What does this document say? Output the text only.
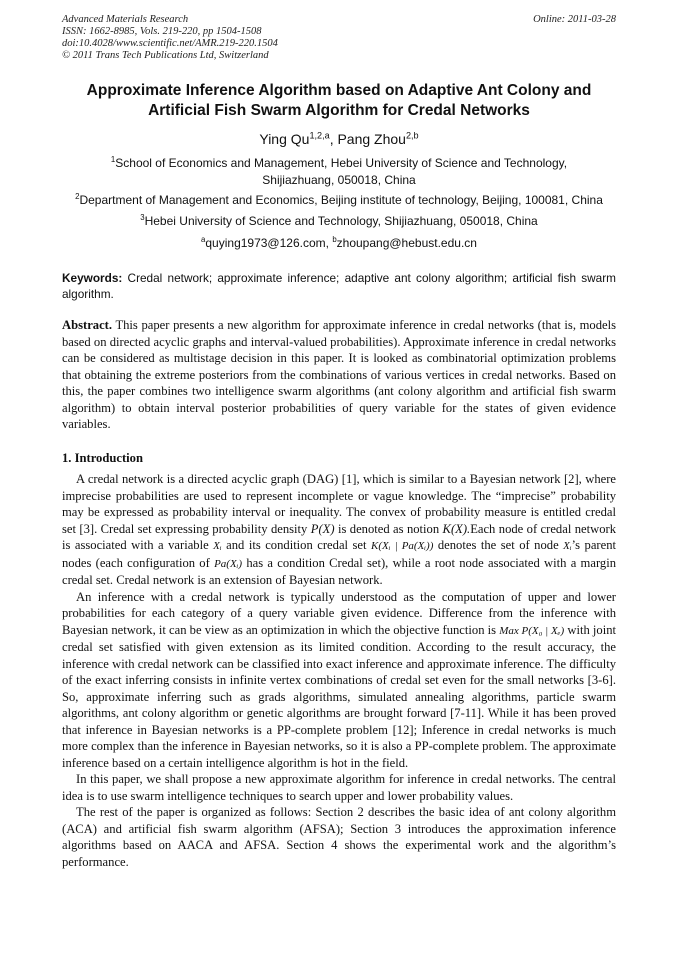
Advanced Materials Research
ISSN: 1662-8985, Vols. 219-220, pp 1504-1508
doi:10.4028/www.scientific.net/AMR.219-220.1504
© 2011 Trans Tech Publications Ltd, Switzerland
Online: 2011-03-28
Approximate Inference Algorithm based on Adaptive Ant Colony and Artificial Fish Swarm Algorithm for Credal Networks
Ying Qu$^{1,2,a}$, Pang Zhou$^{2,b}$
$^1$School of Economics and Management, Hebei University of Science and Technology,
Shijiazhuang, 050018, China
$^2$Department of Management and Economics, Beijing institute of technology, Beijing, 100081, China
$^3$Hebei University of Science and Technology, Shijiazhuang, 050018, China
$^a$quying1973@126.com, $^b$zhoupang@hebust.edu.cn
Keywords: Credal network; approximate inference; adaptive ant colony algorithm; artificial fish swarm algorithm.

Abstract. This paper presents a new algorithm for approximate inference in credal networks (that is, models based on directed acyclic graphs and interval-valued probabilities). Approximate inference in credal networks can be considered as multistage decision in this paper. It is looked as combinatorial optimization problems that obtaining the extreme posteriors from the combinations of various vertices in credal networks. Based on this, the paper combines two intelligence swarm algorithms (ant colony algorithm and artificial fish swarm algorithm) to obtain interval posterior probabilities of query variable for the states of given evidence variables.

1. Introduction

A credal network is a directed acyclic graph (DAG) [1], which is similar to a Bayesian network [2], where imprecise probabilities are used to represent incomplete or vague knowledge. The “imprecise” probability may be expressed as probability interval or inequality. The convex of probability measure is entitled credal set [3]. Credal set expressing probability density P(X) is denoted as notion K(X).Each node of credal network is associated with a variable Xᵢ and its condition credal set K(Xᵢ | Pa(Xᵢ)) denotes the set of node Xᵢ’s parent nodes (each configuration of Pa(Xᵢ) has a condition Credal set), while a root node associated with a margin credal set. Credal network is an extension of Bayesian network.

An inference with a credal network is typically understood as the computation of upper and lower probabilities for each category of a query variable given evidence. Difference from the inference with Bayesian network, it can be view as an optimization in which the objective function is Max P(X₀ | Xₑ) with joint credal set satisfied with given extension as its limited condition. According to the result accuracy, the inference with credal network can be classified into exact inference and approximate inference. The difficulty of the exact inferring consists in infinite vertex combinations of credal set even for the small networks [3-6]. So, approximate inferring such as grads algorithms, simulated annealing algorithms, particle swarm algorithms, ant colony algorithm or genetic algorithms are brought forward [7-11]. While it has been proved that inference in Bayesian networks is a PP-complete problem [12]; Inference in credal networks is much more complex than the inference in Bayesian networks, so it is also a PP-complete problem. The approximate inference based on a certain intelligence algorithm is hot in the field.

In this paper, we shall propose a new approximate algorithm for inference in credal networks. The central idea is to use swarm intelligence techniques to search upper and lower probability values.

The rest of the paper is organized as follows: Section 2 describes the basic idea of ant colony algorithm (ACA) and artificial fish swarm algorithm (AFSA); Section 3 introduces the approximation inference algorithms based on AACA and AFSA. Section 4 shows the experimental work and the algorithm’s performance.
